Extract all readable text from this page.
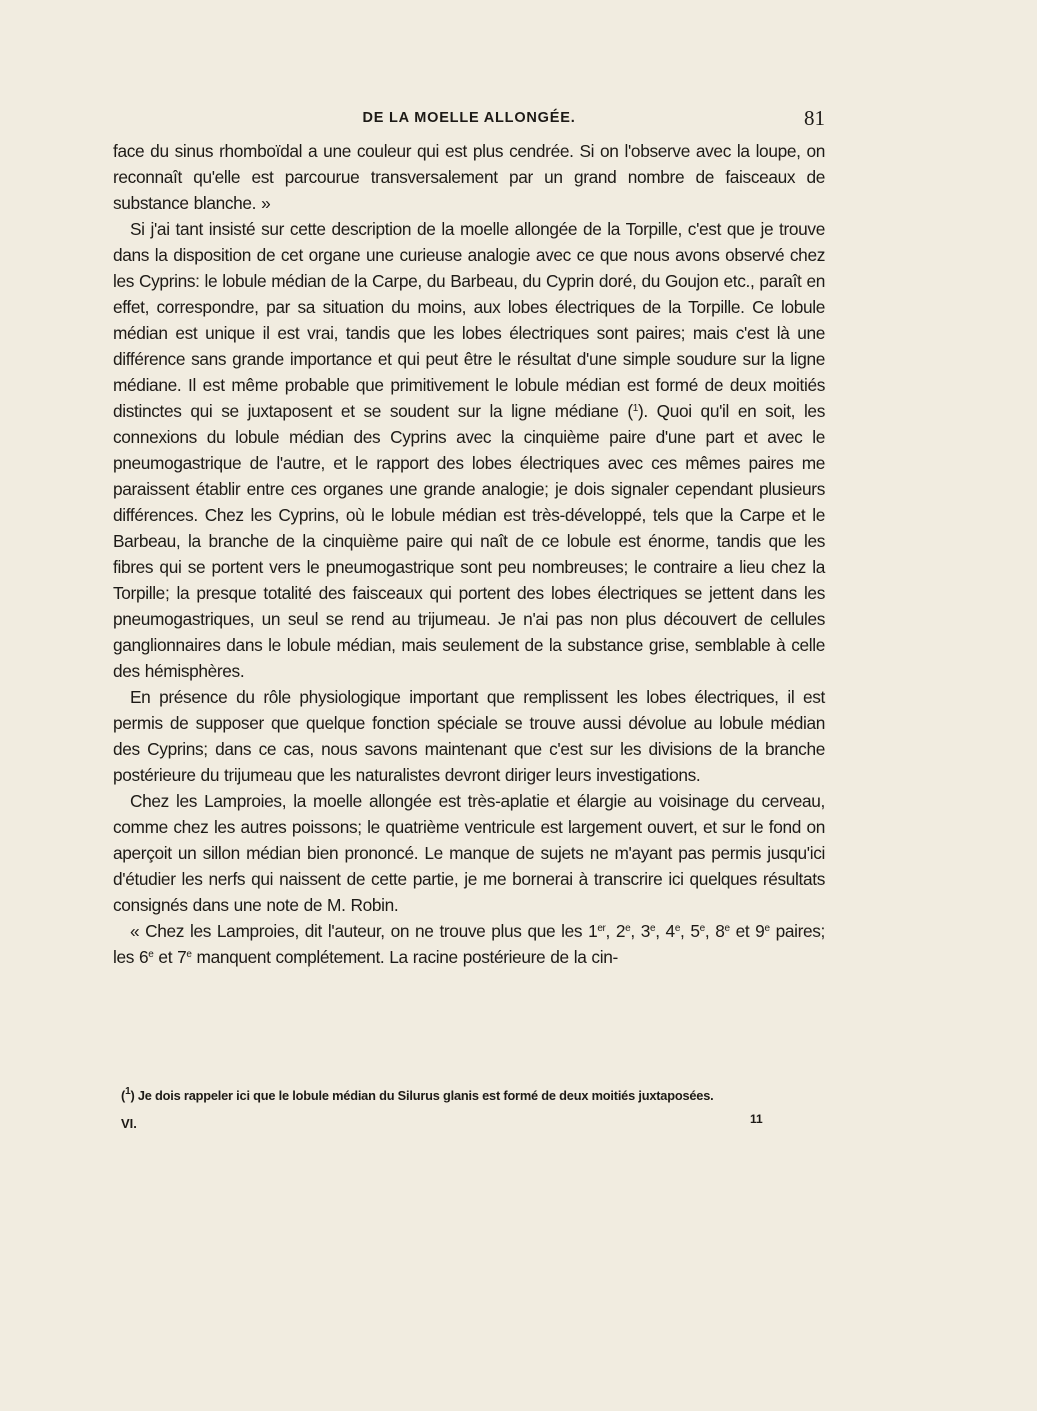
DE LA MOELLE ALLONGÉE.	81

face du sinus rhomboïdal a une couleur qui est plus cendrée. Si on l'observe avec la loupe, on reconnaît qu'elle est parcourue transversalement par un grand nombre de faisceaux de substance blanche. »

Si j'ai tant insisté sur cette description de la moelle allongée de la Torpille, c'est que je trouve dans la disposition de cet organe une curieuse analogie avec ce que nous avons observé chez les Cyprins: le lobule médian de la Carpe, du Barbeau, du Cyprin doré, du Goujon etc., paraît en effet, correspondre, par sa situation du moins, aux lobes électriques de la Torpille. Ce lobule médian est unique il est vrai, tandis que les lobes électriques sont paires; mais c'est là une différence sans grande importance et qui peut être le résultat d'une simple soudure sur la ligne médiane. Il est même probable que primitivement le lobule médian est formé de deux moitiés distinctes qui se juxtaposent et se soudent sur la ligne médiane ($^1$). Quoi qu'il en soit, les connexions du lobule médian des Cyprins avec la cinquième paire d'une part et avec le pneumogastrique de l'autre, et le rapport des lobes électriques avec ces mêmes paires me paraissent établir entre ces organes une grande analogie; je dois signaler cependant plusieurs différences. Chez les Cyprins, où le lobule médian est très-développé, tels que la Carpe et le Barbeau, la branche de la cinquième paire qui naît de ce lobule est énorme, tandis que les fibres qui se portent vers le pneumogastrique sont peu nombreuses; le contraire a lieu chez la Torpille; la presque totalité des faisceaux qui portent des lobes électriques se jettent dans les pneumogastriques, un seul se rend au trijumeau. Je n'ai pas non plus découvert de cellules ganglionnaires dans le lobule médian, mais seulement de la substance grise, semblable à celle des hémisphères.

En présence du rôle physiologique important que remplissent les lobes électriques, il est permis de supposer que quelque fonction spéciale se trouve aussi dévolue au lobule médian des Cyprins; dans ce cas, nous savons maintenant que c'est sur les divisions de la branche postérieure du trijumeau que les naturalistes devront diriger leurs investigations.

Chez les Lamproies, la moelle allongée est très-aplatie et élargie au voisinage du cerveau, comme chez les autres poissons; le quatrième ventricule est largement ouvert, et sur le fond on aperçoit un sillon médian bien prononcé. Le manque de sujets ne m'ayant pas permis jusqu'ici d'étudier les nerfs qui naissent de cette partie, je me bornerai à transcrire ici quelques résultats consignés dans une note de M. Robin.

« Chez les Lamproies, dit l'auteur, on ne trouve plus que les 1er, 2e, 3e, 4e, 5e, 8e et 9e paires; les 6e et 7e manquent complétement. La racine postérieure de la cin-

($^1$) Je dois rappeler ici que le lobule médian du Silurus glanis est formé de deux moitiés juxtaposées.
VI.	11
